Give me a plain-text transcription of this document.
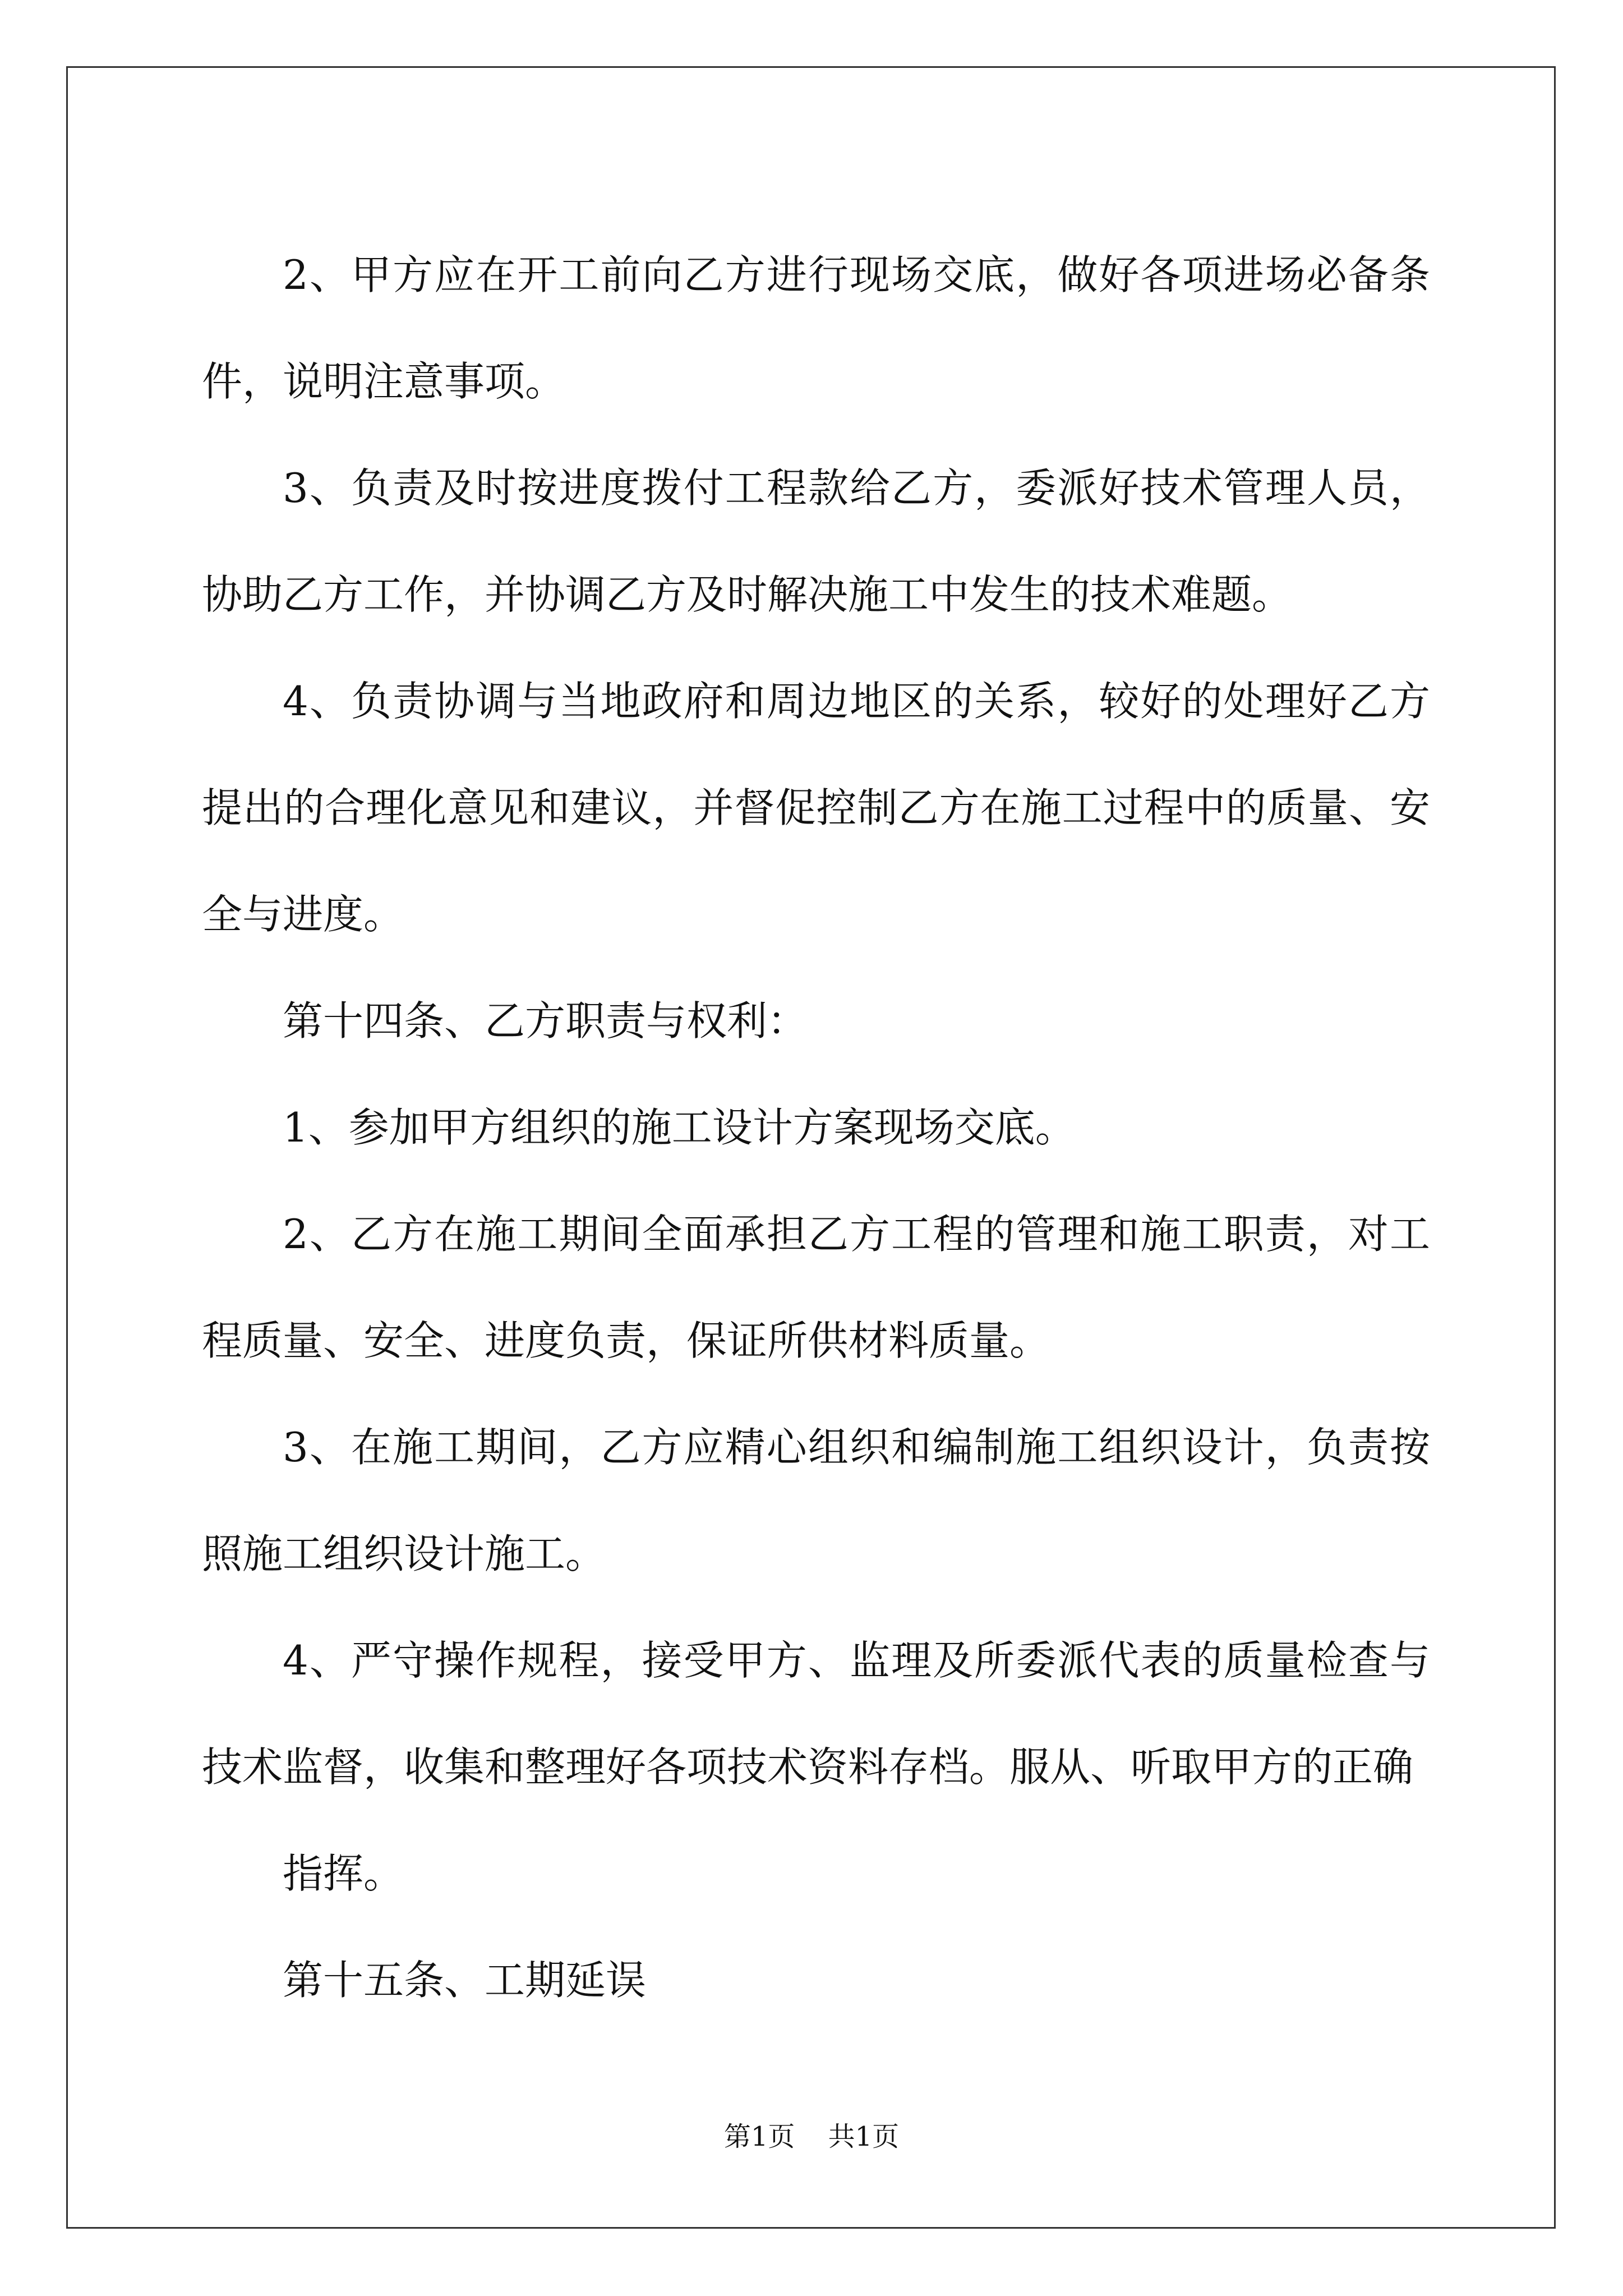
2、甲方应在开工前向乙方进行现场交底，做好各项进场必备条件，说明注意事项。

3、负责及时按进度拨付工程款给乙方，委派好技术管理人员，协助乙方工作，并协调乙方及时解决施工中发生的技术难题。

4、负责协调与当地政府和周边地区的关系，较好的处理好乙方提出的合理化意见和建议，并督促控制乙方在施工过程中的质量、安全与进度。

第十四条、乙方职责与权利：

1、参加甲方组织的施工设计方案现场交底。

2、乙方在施工期间全面承担乙方工程的管理和施工职责，对工程质量、安全、进度负责，保证所供材料质量。

3、在施工期间，乙方应精心组织和编制施工组织设计，负责按照施工组织设计施工。

4、严守操作规程，接受甲方、监理及所委派代表的质量检查与技术监督，收集和整理好各项技术资料存档。服从、听取甲方的正确

指挥。

第十五条、工期延误

第1页 共1页
